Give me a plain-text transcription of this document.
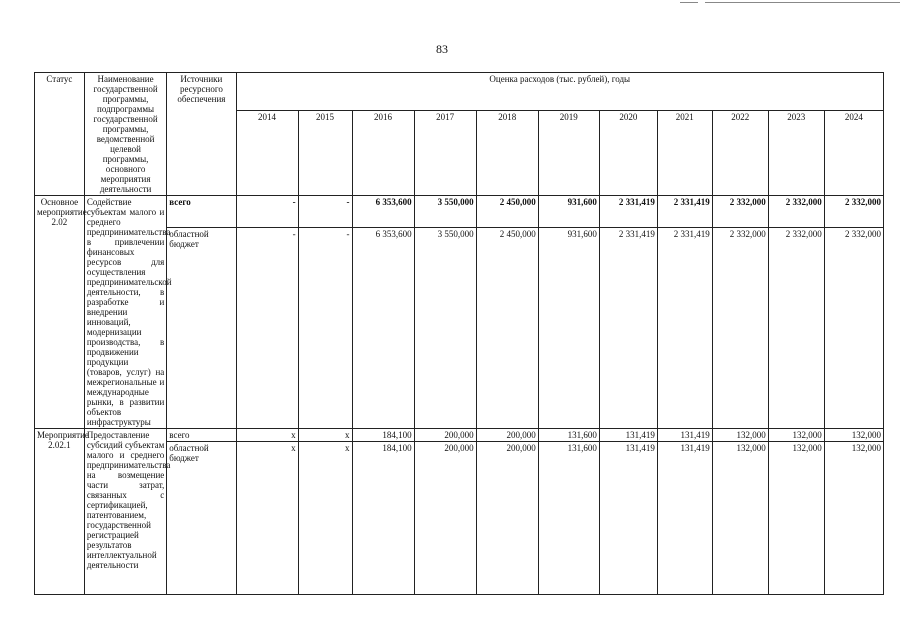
83
Статус	Наименование государственной программы, подпрограммы государственной программы, ведомственной целевой программы, основного мероприятия деятельности	Источники ресурсного обеспечения	Оценка расходов (тыс. рублей), годы										
			2014	2015	2016	2017	2018	2019	2020	2021	2022	2023	2024
Основное мероприятие 2.02	Содействие субъектам малого и среднего предпринимательства в привлечении финансовых ресурсов для осуществления предпринимательской деятельности, в разработке и внедрении инноваций, модернизации производства, в продвижении продукции (товаров, услуг) на межрегиональные и международные рынки, в развитии объектов инфраструктуры	всего	-	-	6 353,600	3 550,000	2 450,000	931,600	2 331,419	2 331,419	2 332,000	2 332,000	2 332,000
		областной бюджет	-	-	6 353,600	3 550,000	2 450,000	931,600	2 331,419	2 331,419	2 332,000	2 332,000	2 332,000
Мероприятие 2.02.1	Предоставление субсидий субъектам малого и среднего предпринимательства на возмещение части затрат, связанных с сертификацией, патентованием, государственной регистрацией результатов интеллектуальной деятельности	всего	x	x	184,100	200,000	200,000	131,600	131,419	131,419	132,000	132,000	132,000
		областной бюджет	x	x	184,100	200,000	200,000	131,600	131,419	131,419	132,000	132,000	132,000
